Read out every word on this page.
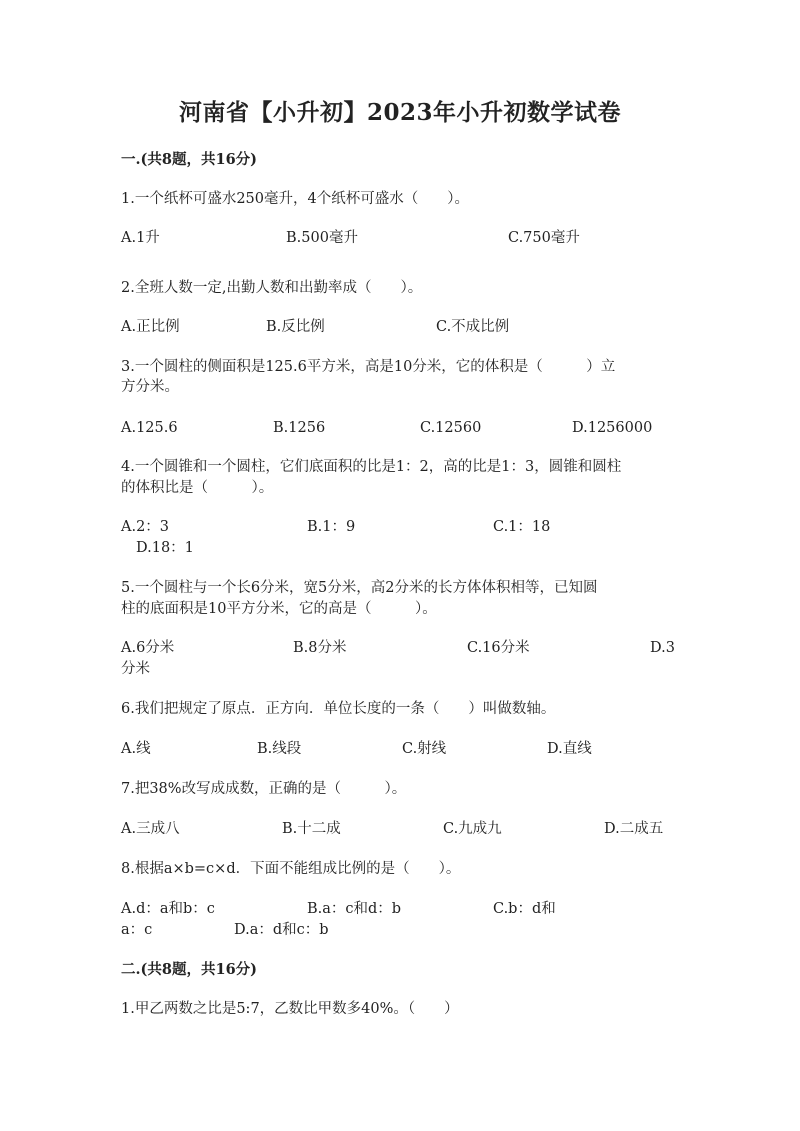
河南省【小升初】2023年小升初数学试卷
一.(共8题，共16分)
1.一个纸杯可盛水250毫升，4个纸杯可盛水（　　）。
A.1升	B.500毫升	C.750毫升
2.全班人数一定,出勤人数和出勤率成（　　）。
A.正比例	B.反比例	C.不成比例
3.一个圆柱的侧面积是125.6平方米，高是10分米，它的体积是（　　　）立
方分米。
A.125.6	B.1256	C.12560	D.1256000
4.一个圆锥和一个圆柱，它们底面积的比是1：2，高的比是1：3，圆锥和圆柱
的体积比是（　　　）。
A.2：3	B.1：9	C.1：18
D.18：1
5.一个圆柱与一个长6分米，宽5分米，高2分米的长方体体积相等，已知圆
柱的底面积是10平方分米，它的高是（　　　）。
A.6分米	B.8分米	C.16分米	D.3
分米
6.我们把规定了原点．正方向．单位长度的一条（　　）叫做数轴。
A.线	B.线段	C.射线	D.直线
7.把38%改写成成数，正确的是（　　　）。
A.三成八	B.十二成	C.九成九	D.二成五
8.根据a×b=c×d．下面不能组成比例的是（　　）。
A.d：a和b：c	B.a：c和d：b	C.b：d和
a：c	D.a：d和c：b
二.(共8题，共16分)
1.甲乙两数之比是5:7，乙数比甲数多40%。（　　）
